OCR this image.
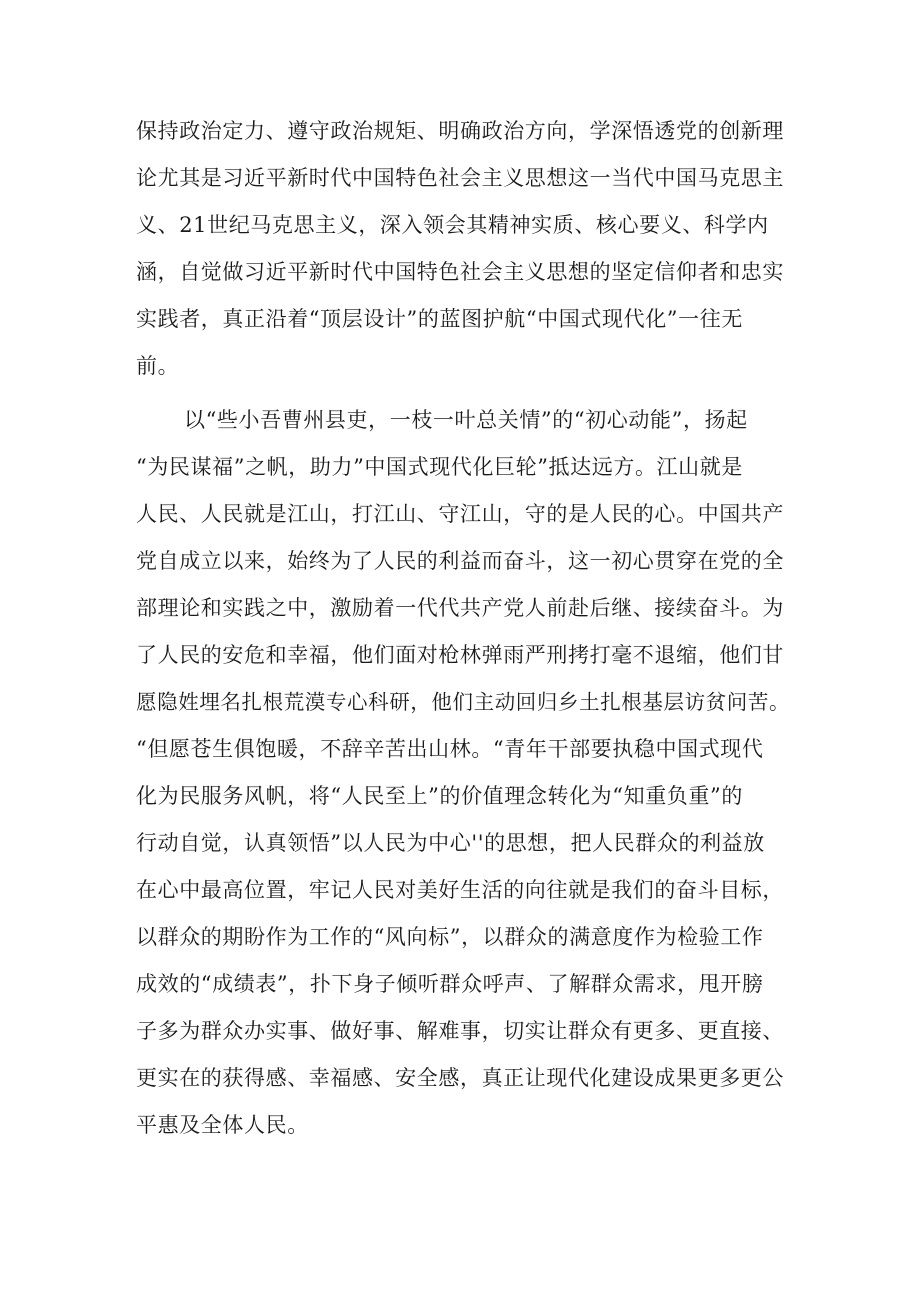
保持政治定力、遵守政治规矩、明确政治方向，学深悟透党的创新理
论尤其是习近平新时代中国特色社会主义思想这一当代中国马克思主
义、21世纪马克思主义，深入领会其精神实质、核心要义、科学内
涵，自觉做习近平新时代中国特色社会主义思想的坚定信仰者和忠实
实践者，真正沿着“顶层设计”的蓝图护航“中国式现代化”一往无
前。
以“些小吾曹州县吏，一枝一叶总关情”的“初心动能”，扬起
“为民谋福”之帆，助力”中国式现代化巨轮”抵达远方。江山就是
人民、人民就是江山，打江山、守江山，守的是人民的心。中国共产
党自成立以来，始终为了人民的利益而奋斗，这一初心贯穿在党的全
部理论和实践之中，激励着一代代共产党人前赴后继、接续奋斗。为
了人民的安危和幸福，他们面对枪林弹雨严刑拷打毫不退缩，他们甘
愿隐姓埋名扎根荒漠专心科研，他们主动回归乡土扎根基层访贫问苦。
“但愿苍生俱饱暖，不辞辛苦出山林。“青年干部要执稳中国式现代
化为民服务风帆，将“人民至上”的价值理念转化为“知重负重”的
行动自觉，认真领悟”以人民为中心''的思想，把人民群众的利益放
在心中最高位置，牢记人民对美好生活的向往就是我们的奋斗目标，
以群众的期盼作为工作的“风向标”，以群众的满意度作为检验工作
成效的“成绩表”，扑下身子倾听群众呼声、了解群众需求，甩开膀
子多为群众办实事、做好事、解难事，切实让群众有更多、更直接、
更实在的获得感、幸福感、安全感，真正让现代化建设成果更多更公
平惠及全体人民。
